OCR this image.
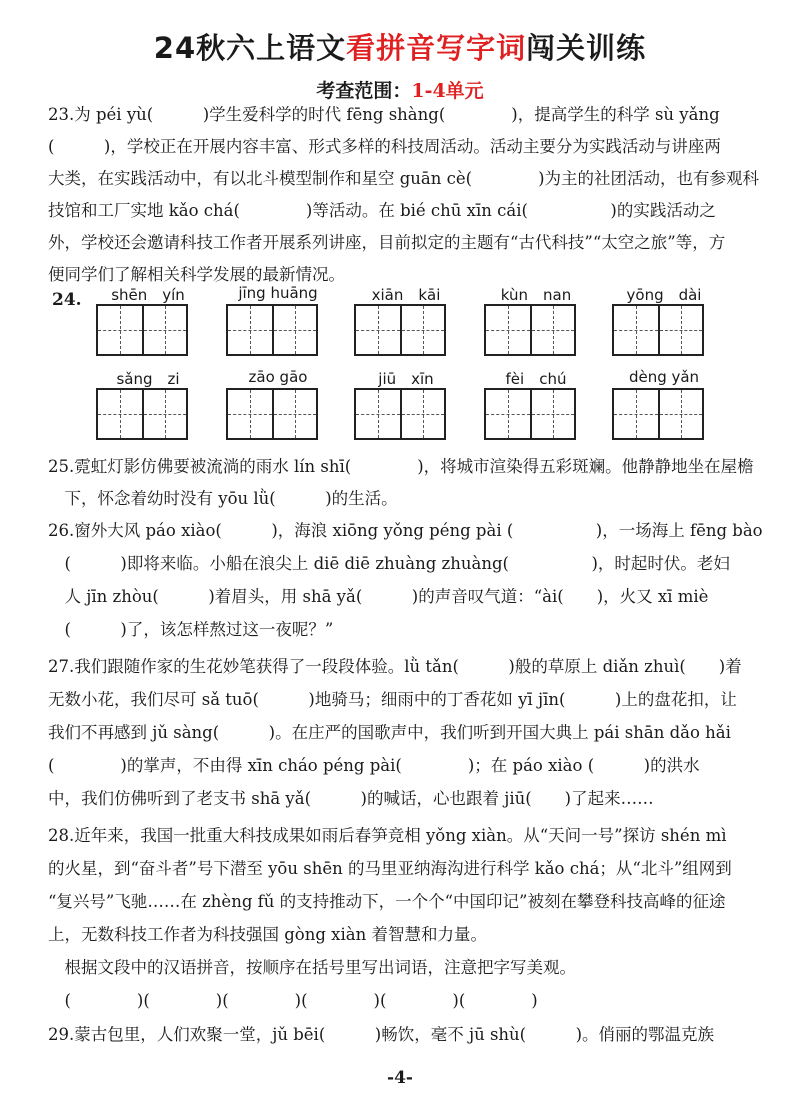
24秋六上语文看拼音写字词闯关训练
考查范围：1-4单元
23.为 péi yù(　　　)学生爱科学的时代 fēng shàng(　　　　)，提高学生的科学 sù yǎng
(　　　)，学校正在开展内容丰富、形式多样的科技周活动。活动主要分为实践活动与讲座两
大类，在实践活动中，有以北斗模型制作和星空 guān cè(　　　　)为主的社团活动，也有参观科
技馆和工厂实地 kǎo chá(　　　　)等活动。在 bié chū xīn cái(　　　　　)的实践活动之
外，学校还会邀请科技工作者开展系列讲座，目前拟定的主题有“古代科技”“太空之旅”等，方
便同学们了解相关科学发展的最新情况。
24.	shēn　yín	jīng huāng	xiān　kāi	kùn　nan	yōng　dài
sǎng　zi	zāo gāo	jiū　xīn	fèi　chú	dèng yǎn
25.霓虹灯影仿佛要被流淌的雨水 lín shī(　　　　)，将城市渲染得五彩斑斓。他静静地坐在屋檐
　下，怀念着幼时没有 yōu lǜ(　　　)的生活。
26.窗外大风 páo xiào(　　　)，海浪 xiōng yǒng péng pài (　　　　　)，一场海上 fēng bào
　(　　　)即将来临。小船在浪尖上 diē diē zhuàng zhuàng(　　　　　)，时起时伏。老妇
　人 jīn zhòu(　　　)着眉头，用 shā yǎ(　　　)的声音叹气道：“ài(　　)，火又 xī miè
　(　　　)了，该怎样熬过这一夜呢？”
27.我们跟随作家的生花妙笔获得了一段段体验。lǜ tǎn(　　　)般的草原上 diǎn zhuì(　　)着
无数小花，我们尽可 sǎ tuō(　　　)地骑马；细雨中的丁香花如 yī jīn(　　　)上的盘花扣，让
我们不再感到 jǔ sàng(　　　)。在庄严的国歌声中，我们听到开国大典上 pái shān dǎo hǎi
(　　　　)的掌声，不由得 xīn cháo péng pài(　　　　)；在 páo xiào (　　　)的洪水
中，我们仿佛听到了老支书 shā yǎ(　　　)的喊话，心也跟着 jiū(　　)了起来……
28.近年来，我国一批重大科技成果如雨后春笋竞相 yǒng xiàn。从“天问一号”探访 shén mì
的火星，到“奋斗者”号下潜至 yōu shēn 的马里亚纳海沟进行科学 kǎo chá；从“北斗”组网到
“复兴号”飞驰……在 zhèng fǔ 的支持推动下，一个个“中国印记”被刻在攀登科技高峰的征途
上，无数科技工作者为科技强国 gòng xiàn 着智慧和力量。
　根据文段中的汉语拼音，按顺序在括号里写出词语，注意把字写美观。
　(　　　　)(　　　　)(　　　　)(　　　　)(　　　　)(　　　　)
29.蒙古包里，人们欢聚一堂，jǔ bēi(　　　)畅饮，毫不 jū shù(　　　)。俏丽的鄂温克族
-4-
